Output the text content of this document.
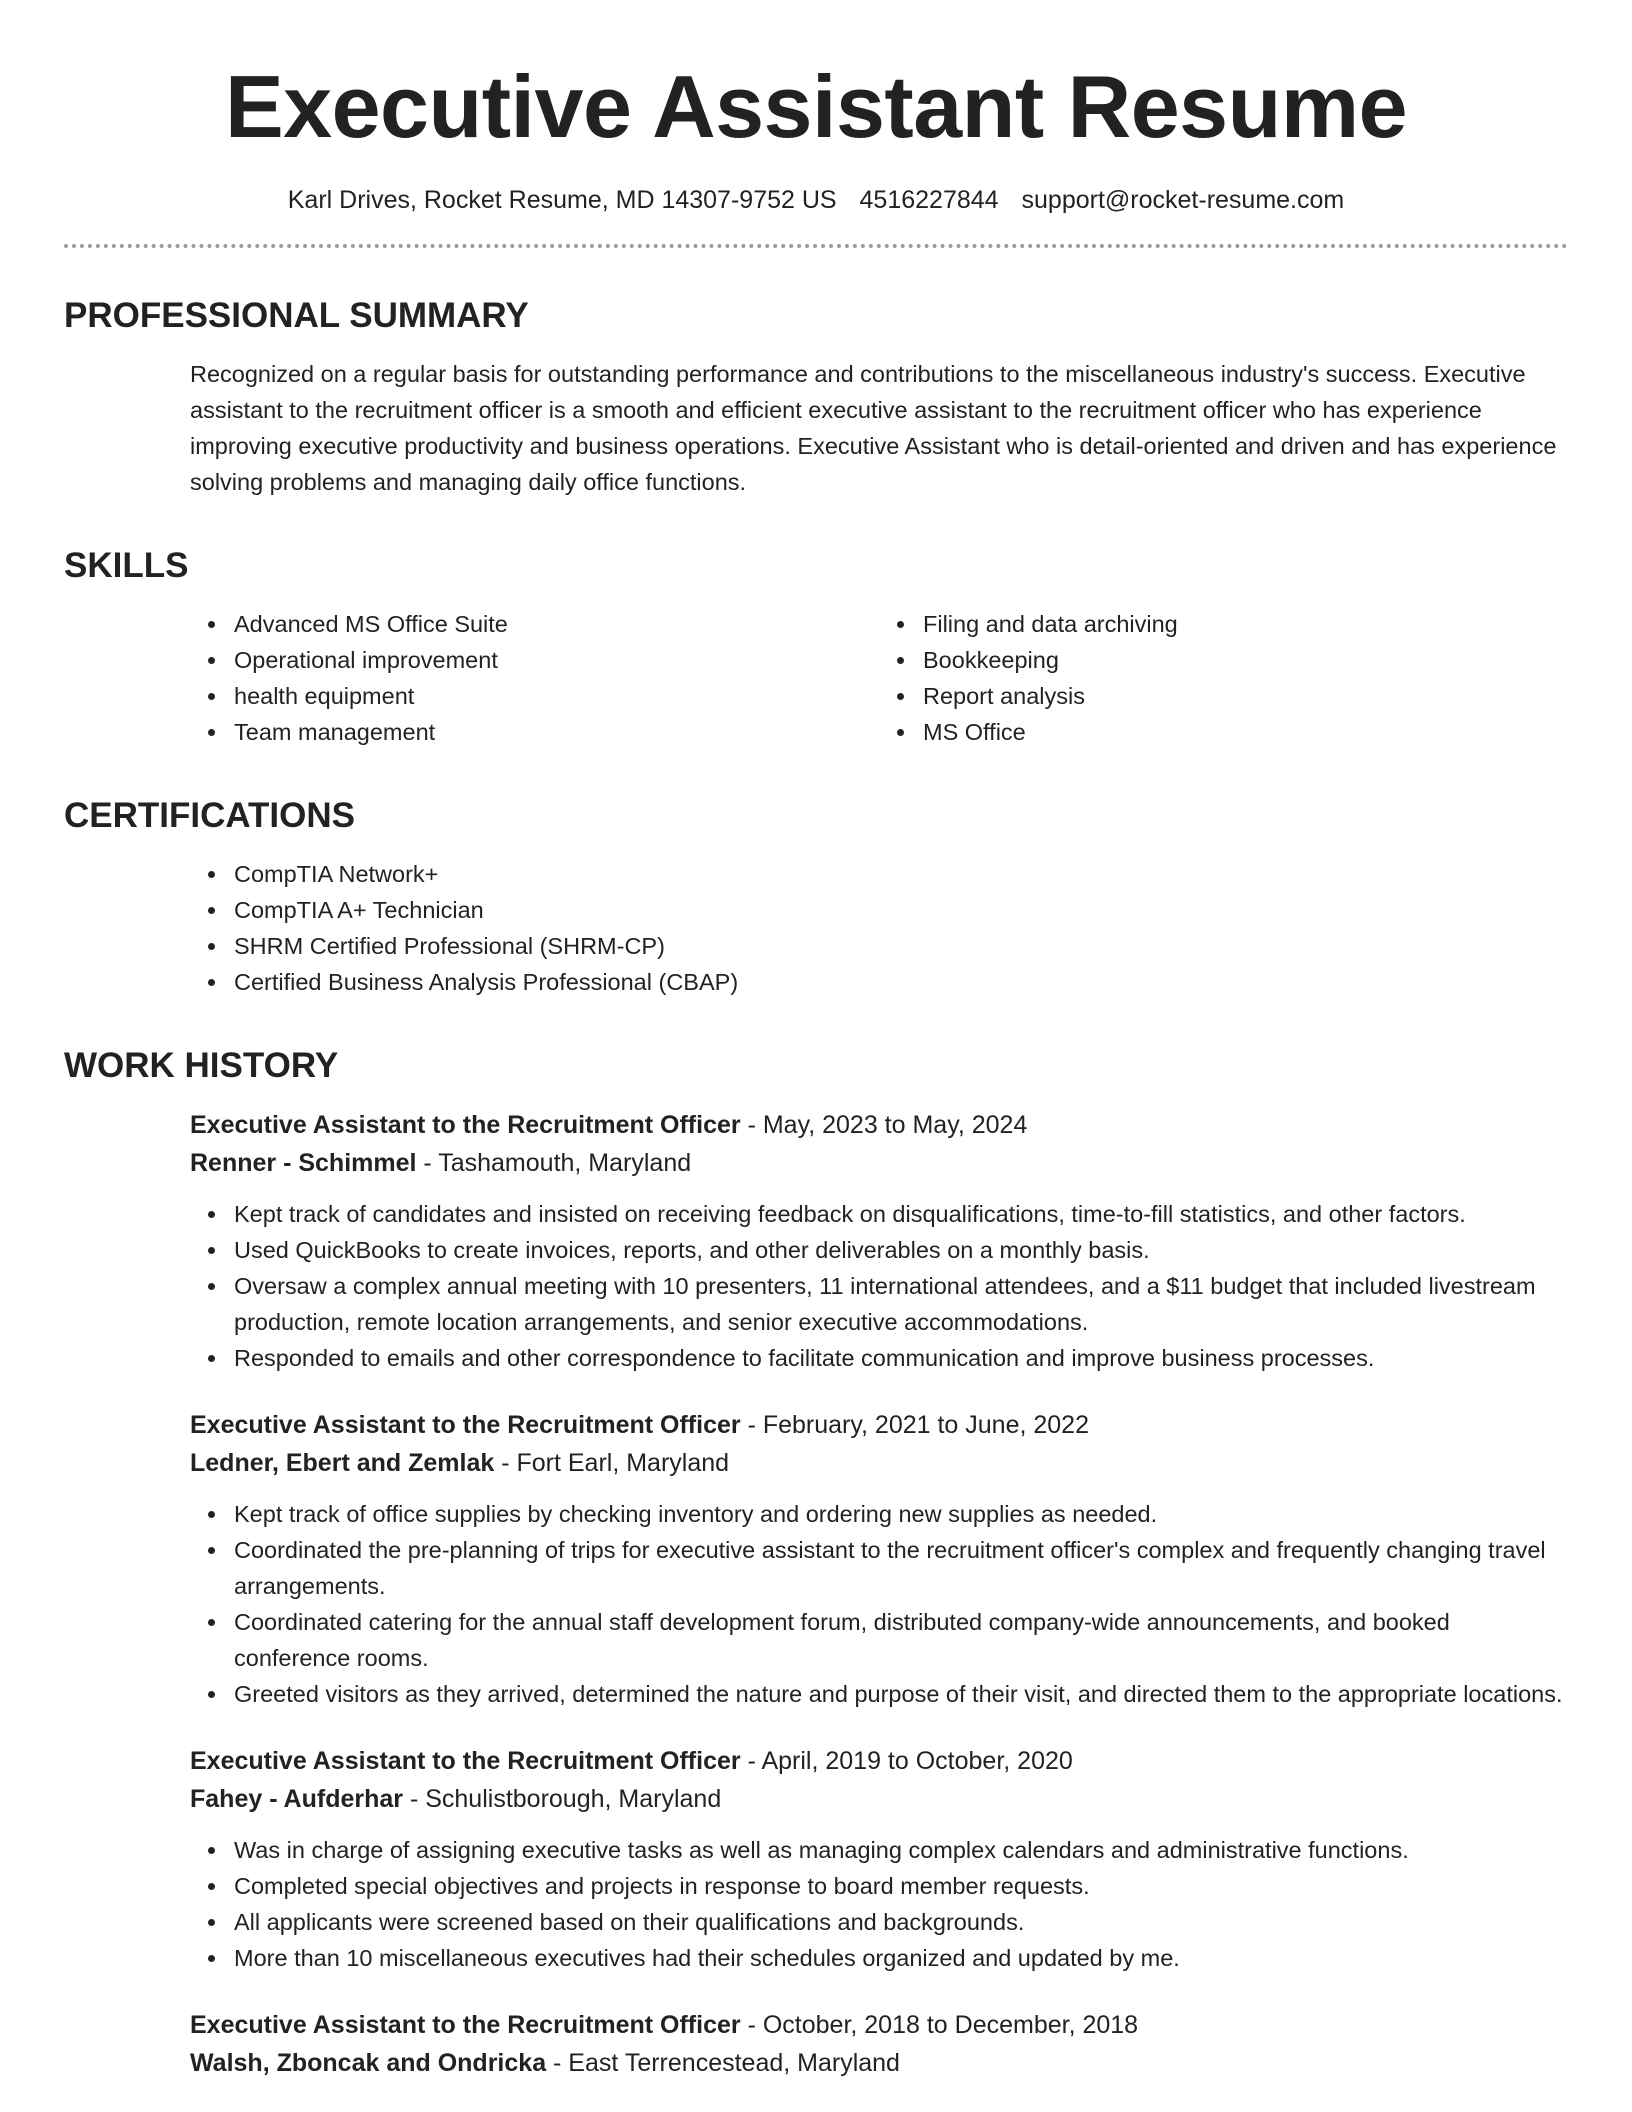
Executive Assistant Resume
Karl Drives, Rocket Resume, MD 14307-9752 US 4516227844 support@rocket-resume.com
PROFESSIONAL SUMMARY

Recognized on a regular basis for outstanding performance and contributions to the miscellaneous industry's success. Executive assistant to the recruitment officer is a smooth and efficient executive assistant to the recruitment officer who has experience improving executive productivity and business operations. Executive Assistant who is detail-oriented and driven and has experience solving problems and managing daily office functions.

SKILLS
Advanced MS Office Suite
Operational improvement
health equipment
Team management
Filing and data archiving
Bookkeeping
Report analysis
MS Office
CERTIFICATIONS
CompTIA Network+
CompTIA A+ Technician
SHRM Certified Professional (SHRM-CP)
Certified Business Analysis Professional (CBAP)
WORK HISTORY
Executive Assistant to the Recruitment Officer - May, 2023 to May, 2024
Renner - Schimmel - Tashamouth, Maryland
Kept track of candidates and insisted on receiving feedback on disqualifications, time-to-fill statistics, and other factors.
Used QuickBooks to create invoices, reports, and other deliverables on a monthly basis.
Oversaw a complex annual meeting with 10 presenters, 11 international attendees, and a $11 budget that included livestream production, remote location arrangements, and senior executive accommodations.
Responded to emails and other correspondence to facilitate communication and improve business processes.
Executive Assistant to the Recruitment Officer - February, 2021 to June, 2022
Ledner, Ebert and Zemlak - Fort Earl, Maryland
Kept track of office supplies by checking inventory and ordering new supplies as needed.
Coordinated the pre-planning of trips for executive assistant to the recruitment officer's complex and frequently changing travel arrangements.
Coordinated catering for the annual staff development forum, distributed company-wide announcements, and booked conference rooms.
Greeted visitors as they arrived, determined the nature and purpose of their visit, and directed them to the appropriate locations.
Executive Assistant to the Recruitment Officer - April, 2019 to October, 2020
Fahey - Aufderhar - Schulistborough, Maryland
Was in charge of assigning executive tasks as well as managing complex calendars and administrative functions.
Completed special objectives and projects in response to board member requests.
All applicants were screened based on their qualifications and backgrounds.
More than 10 miscellaneous executives had their schedules organized and updated by me.
Executive Assistant to the Recruitment Officer - October, 2018 to December, 2018
Walsh, Zboncak and Ondricka - East Terrencestead, Maryland
